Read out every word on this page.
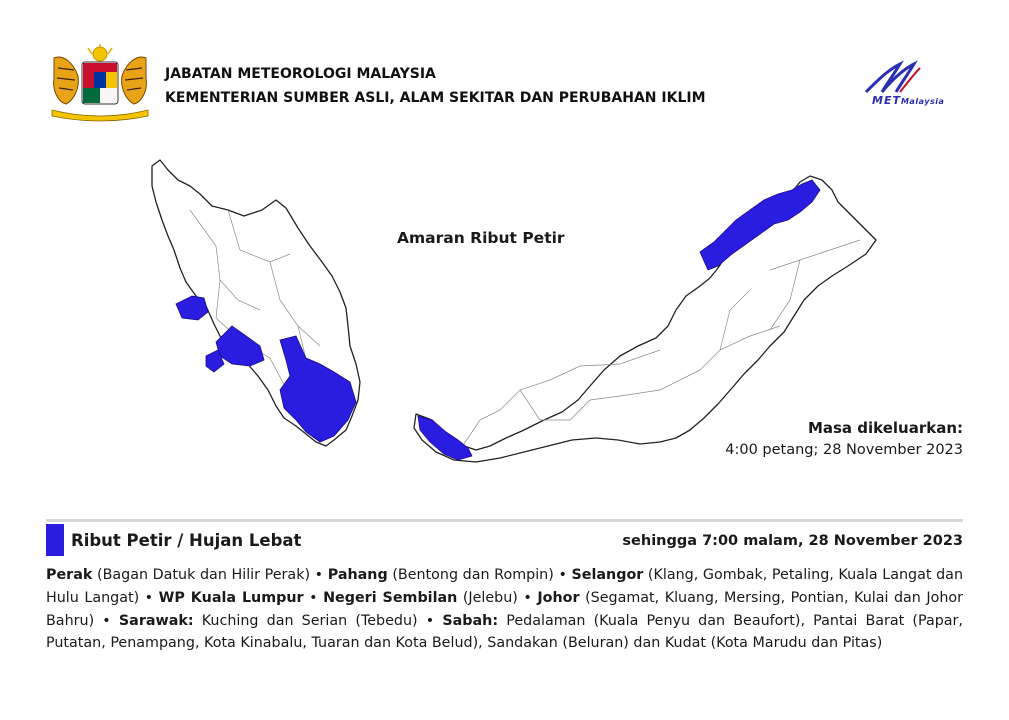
JABATAN METEOROLOGI MALAYSIA
KEMENTERIAN SUMBER ASLI, ALAM SEKITAR DAN PERUBAHAN IKLIM	METMalaysia
Amaran Ribut Petir
Masa dikeluarkan:
4:00 petang; 28 November 2023
Ribut Petir / Hujan Lebat	sehingga 7:00 malam, 28 November 2023
Perak (Bagan Datuk dan Hilir Perak) • Pahang (Bentong dan Rompin) • Selangor (Klang, Gombak, Petaling, Kuala Langat dan Hulu Langat) • WP Kuala Lumpur • Negeri Sembilan (Jelebu) • Johor (Segamat, Kluang, Mersing, Pontian, Kulai dan Johor Bahru) • Sarawak: Kuching dan Serian (Tebedu) • Sabah: Pedalaman (Kuala Penyu dan Beaufort), Pantai Barat (Papar, Putatan, Penampang, Kota Kinabalu, Tuaran dan Kota Belud), Sandakan (Beluran) dan Kudat (Kota Marudu dan Pitas)
